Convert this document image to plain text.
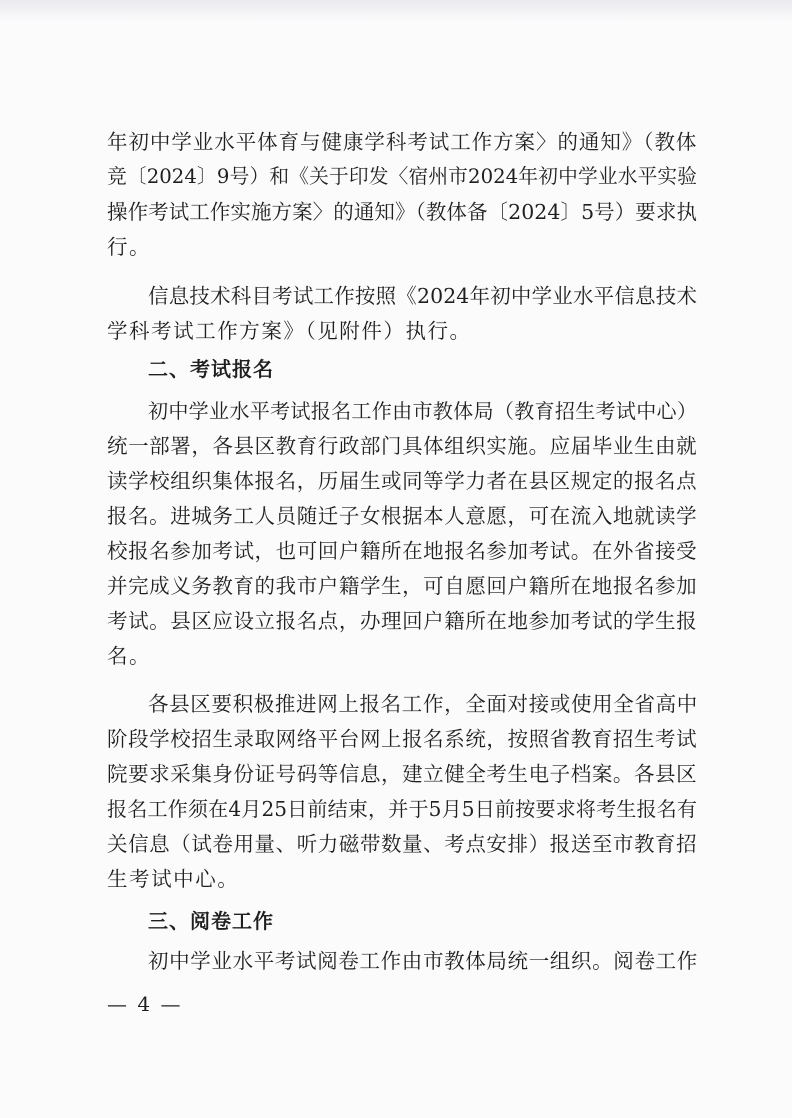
年初中学业水平体育与健康学科考试工作方案〉的通知》（教体
竞〔2024〕9号）和《关于印发〈宿州市2024年初中学业水平实验
操作考试工作实施方案〉的通知》（教体备〔2024〕5号）要求执
行。
信息技术科目考试工作按照《2024年初中学业水平信息技术
学科考试工作方案》（见附件）执行。
二、考试报名
初中学业水平考试报名工作由市教体局（教育招生考试中心）
统一部署，各县区教育行政部门具体组织实施。应届毕业生由就
读学校组织集体报名，历届生或同等学力者在县区规定的报名点
报名。进城务工人员随迁子女根据本人意愿，可在流入地就读学
校报名参加考试，也可回户籍所在地报名参加考试。在外省接受
并完成义务教育的我市户籍学生，可自愿回户籍所在地报名参加
考试。县区应设立报名点，办理回户籍所在地参加考试的学生报
名。
各县区要积极推进网上报名工作，全面对接或使用全省高中
阶段学校招生录取网络平台网上报名系统，按照省教育招生考试
院要求采集身份证号码等信息，建立健全考生电子档案。各县区
报名工作须在4月25日前结束，并于5月5日前按要求将考生报名有
关信息（试卷用量、听力磁带数量、考点安排）报送至市教育招
生考试中心。
三、阅卷工作
初中学业水平考试阅卷工作由市教体局统一组织。阅卷工作
— 4 —
